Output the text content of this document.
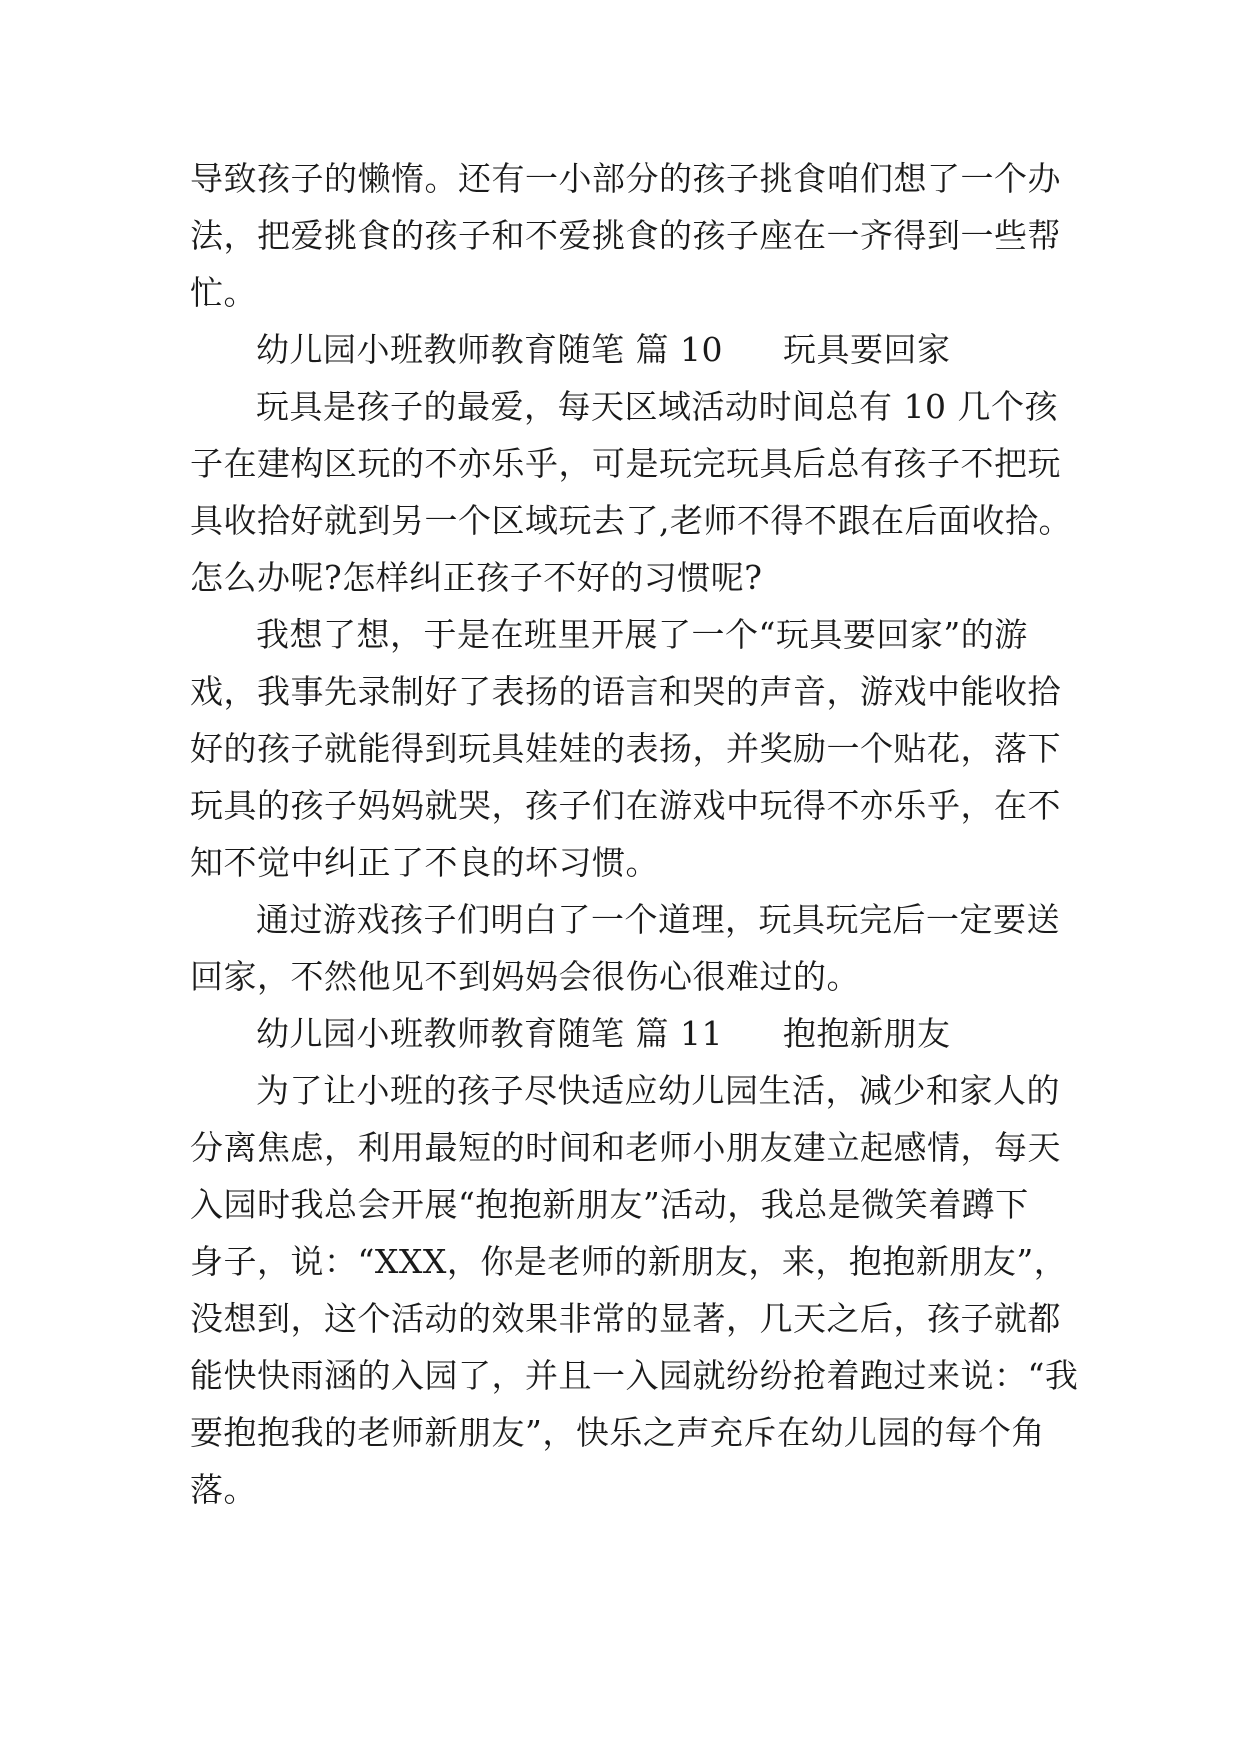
导致孩子的懒惰。还有一小部分的孩子挑食咱们想了一个办
法，把爱挑食的孩子和不爱挑食的孩子座在一齐得到一些帮
忙。
幼儿园小班教师教育随笔 篇 10 玩具要回家
玩具是孩子的最爱，每天区域活动时间总有 10 几个孩
子在建构区玩的不亦乐乎，可是玩完玩具后总有孩子不把玩
具收拾好就到另一个区域玩去了,老师不得不跟在后面收拾。
怎么办呢?怎样纠正孩子不好的习惯呢?
我想了想，于是在班里开展了一个“玩具要回家”的游
戏，我事先录制好了表扬的语言和哭的声音，游戏中能收拾
好的孩子就能得到玩具娃娃的表扬，并奖励一个贴花，落下
玩具的孩子妈妈就哭，孩子们在游戏中玩得不亦乐乎，在不
知不觉中纠正了不良的坏习惯。
通过游戏孩子们明白了一个道理，玩具玩完后一定要送
回家，不然他见不到妈妈会很伤心很难过的。
幼儿园小班教师教育随笔 篇 11 抱抱新朋友
为了让小班的孩子尽快适应幼儿园生活，减少和家人的
分离焦虑，利用最短的时间和老师小朋友建立起感情，每天
入园时我总会开展“抱抱新朋友”活动，我总是微笑着蹲下
身子，说：“XXX，你是老师的新朋友，来，抱抱新朋友”，
没想到，这个活动的效果非常的显著，几天之后，孩子就都
能快快雨涵的入园了，并且一入园就纷纷抢着跑过来说：“我
要抱抱我的老师新朋友”，快乐之声充斥在幼儿园的每个角
落。
